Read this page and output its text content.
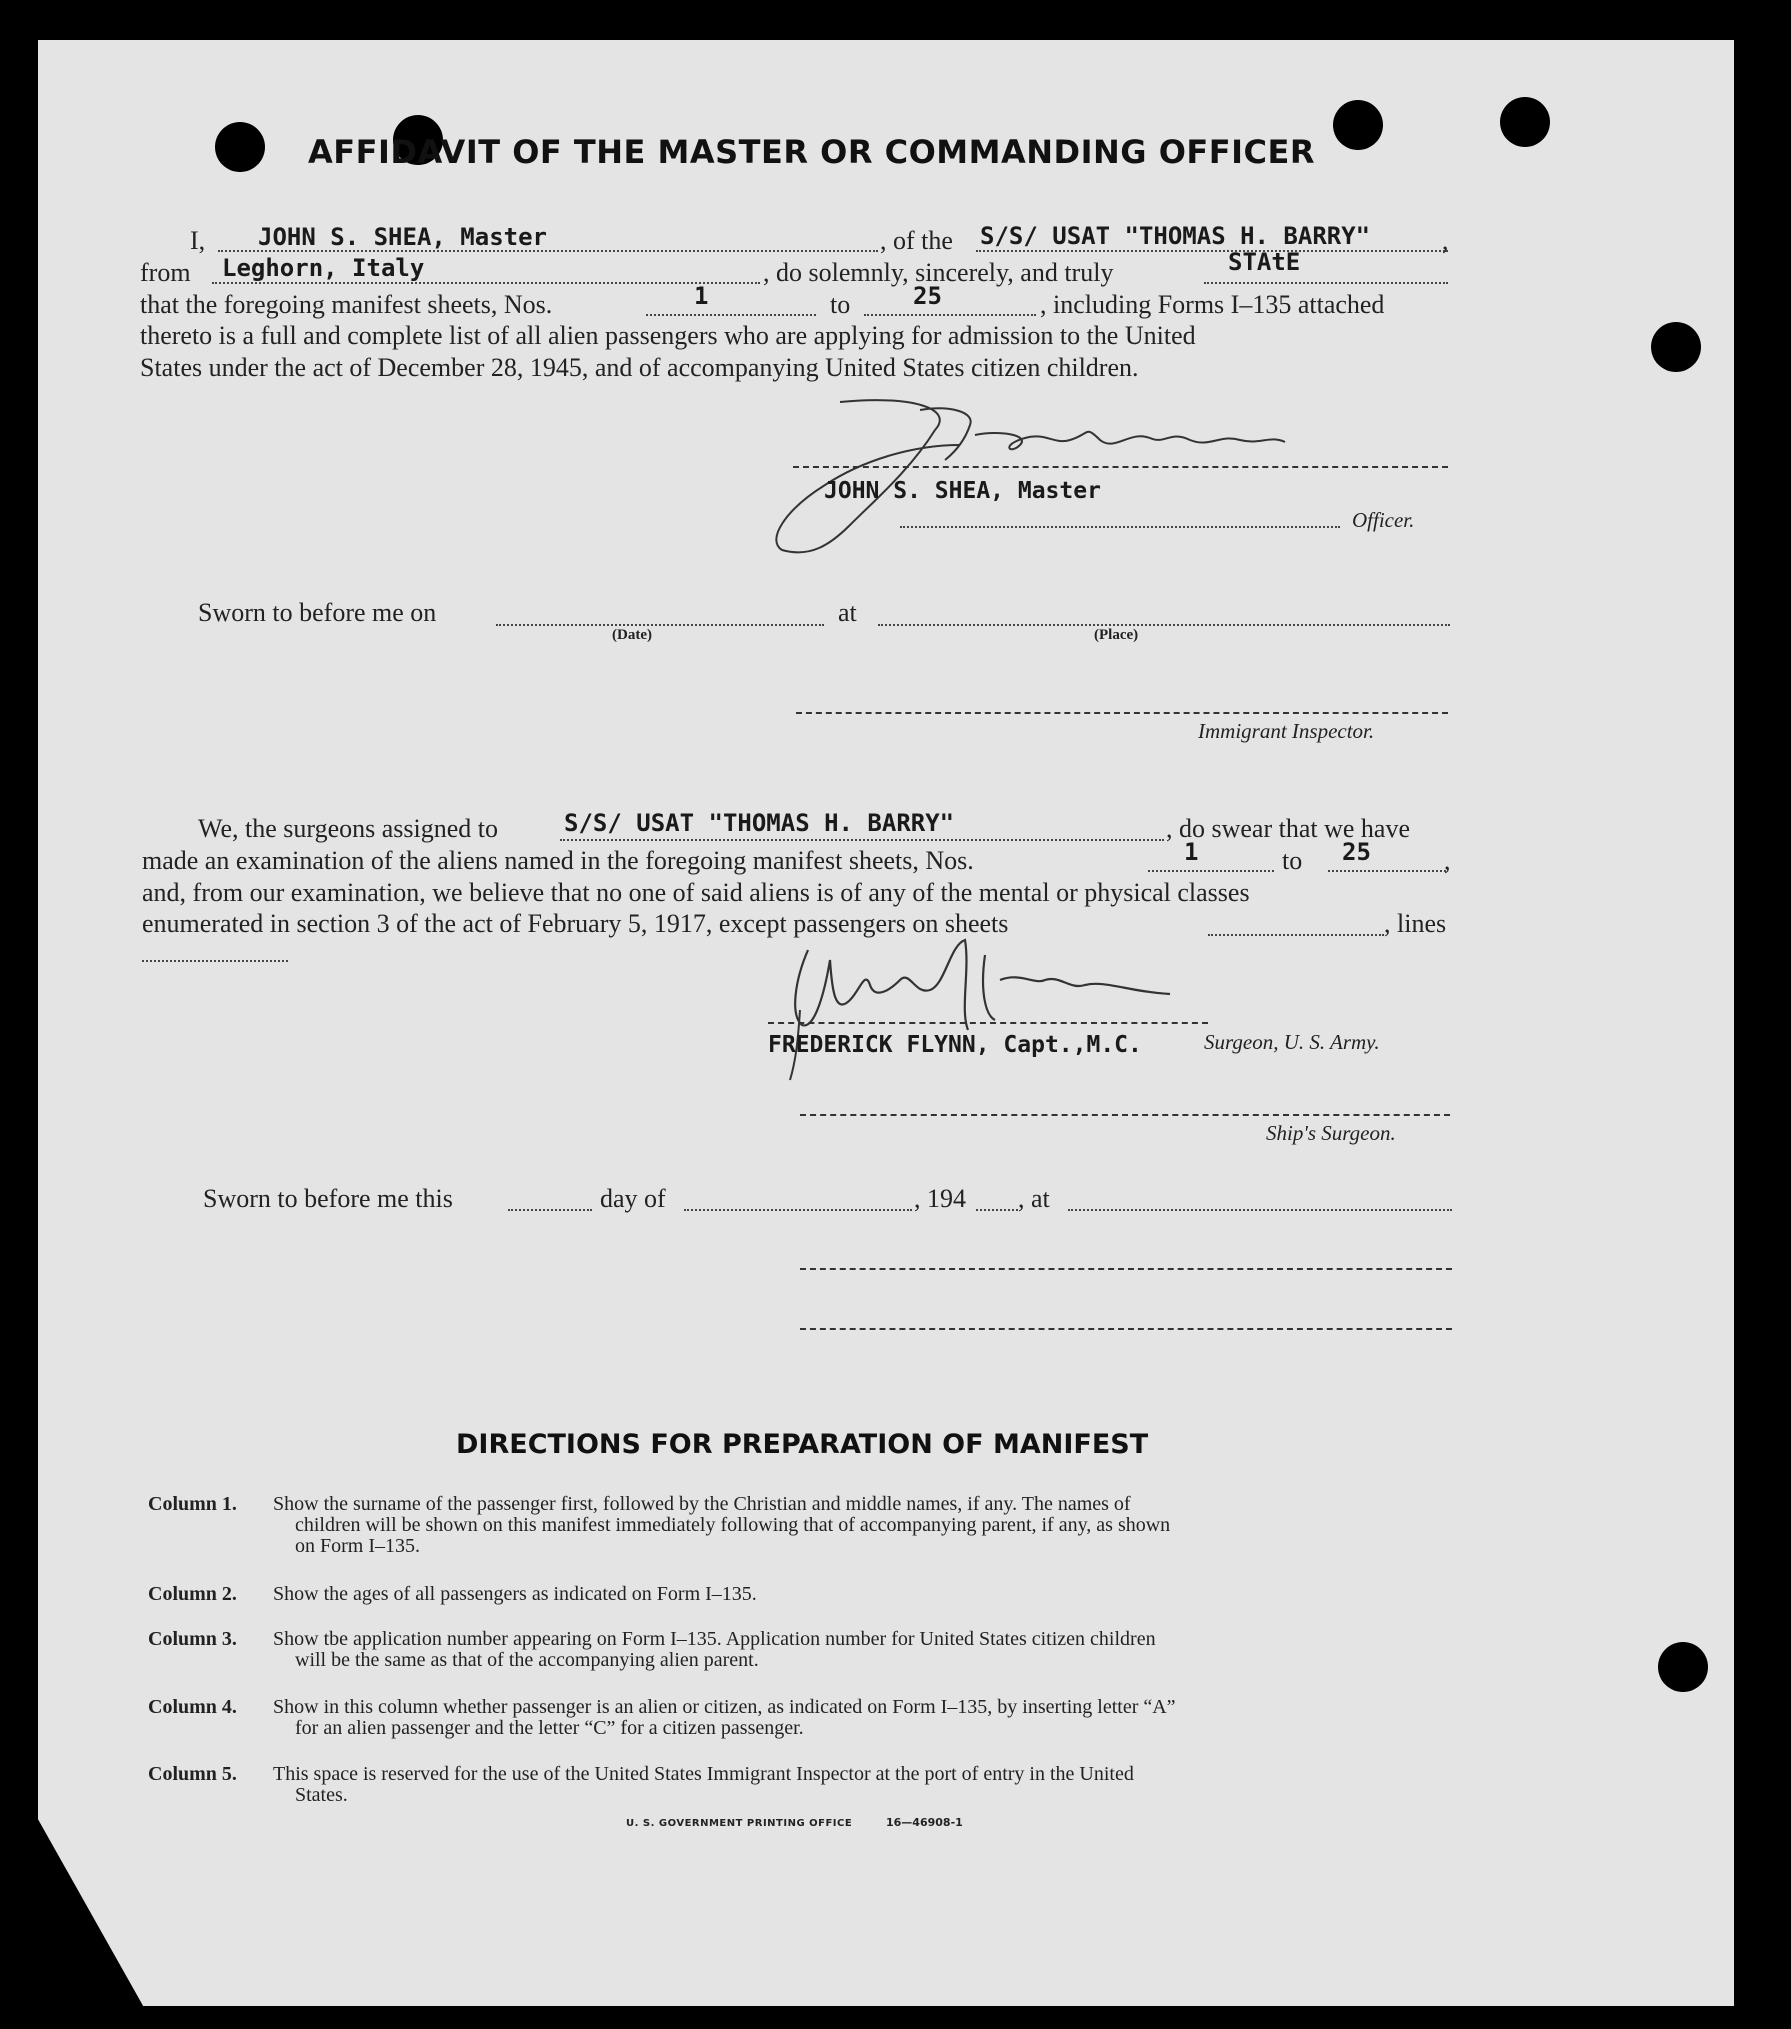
AFFIDAVIT OF THE MASTER OR COMMANDING OFFICER
I, JOHN S. SHEA, Master	, of the S/S/ USAT "THOMAS H. BARRY"	,
from Leghorn, Italy	, do solemnly, sincerely, and truly	STAtE
that the foregoing manifest sheets, Nos.	1	to	25	, including Forms I–135 attached
thereto is a full and complete list of all alien passengers who are applying for admission to the United
States under the act of December 28, 1945, and of accompanying United States citizen children.
JOHN S. SHEA, Master
Officer.
Sworn to before me on
(Date)
at
(Place)
Immigrant Inspector.
We, the surgeons assigned to	S/S/ USAT "THOMAS H. BARRY"	, do swear that we have
made an examination of the aliens named in the foregoing manifest sheets, Nos.	1	to 25	,
and, from our examination, we believe that no one of said aliens is of any of the mental or physical classes
enumerated in section 3 of the act of February 5, 1917, except passengers on sheets	, lines
FREDERICK FLYNN, Capt.,M.C.	Surgeon, U. S. Army.
Ship's Surgeon.
Sworn to before me this	day of	, 194 , at
DIRECTIONS FOR PREPARATION OF MANIFEST
Column 1. Show the surname of the passenger first, followed by the Christian and middle names, if any. The names of
children will be shown on this manifest immediately following that of accompanying parent, if any, as shown
on Form I–135.
Column 2. Show the ages of all passengers as indicated on Form I–135.
Column 3. Show tbe application number appearing on Form I–135. Application number for United States citizen children
will be the same as that of the accompanying alien parent.
Column 4. Show in this column whether passenger is an alien or citizen, as indicated on Form I–135, by inserting letter “A”
for an alien passenger and the letter “C” for a citizen passenger.
Column 5. This space is reserved for the use of the United States Immigrant Inspector at the port of entry in the United
States.
U. S. GOVERNMENT PRINTING OFFICE	16—46908-1
